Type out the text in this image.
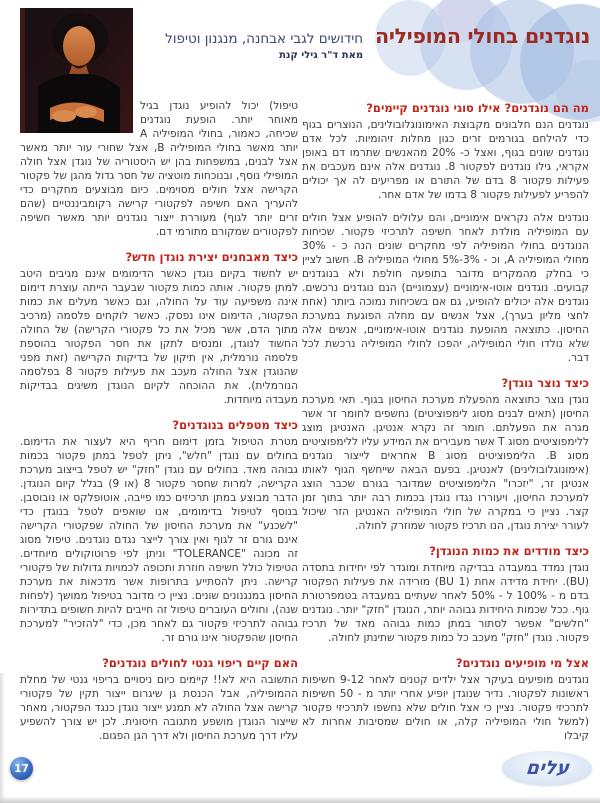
נוגדנים בחולי המופיליה
חידושים לגבי אבחנה, מנגנון וטיפול
מאת ד"ר גילי קנת
מה הם נוגדנים? אילו סוגי נוגדנים קיימים?

נוגדנים הנם חלבונים מקבוצת האימונוגלובולינים, הנוצרים בגוף כדי להילחם בגורמים זרים כגון מחלות זיהומיות. לכל אדם נוגדנים שונים בגוף, ואצל כ- 20% מהאנשים שתרמו דם באופן אקראי, גילו נוגדנים לפקטור 8. נוגדנים אלה אינם מעכבים את פעילות פקטור 8 בדם של התורם או מפריעים לה אך יכולים להפריע לפעילות פקטור 8 בדמו של אדם אחר.

נוגדנים אלה נקראים אימוניים, והם עלולים להופיע אצל חולים עם המופיליה מולדת לאחר חשיפה לתרכיזי פקטור. שכיחות הנוגדנים בחולי המופיליה לפי מחקרים שונים הנה כ - 30% מחולי המופיליה A, וכ - 3%-5% מחולי המופיליה B. חשוב לציין כי בחלק מהמקרים מדובר בתופעה חולפת ולא בנוגדנים קבועים. נוגדנים אוטו-אימוניים (עצמוניים) הנם נוגדנים נרכשים. נוגדנים אלה יכולים להופיע, גם אם בשכיחות נמוכה ביותר (אחת לחצי מליון בערך), אצל אנשים עם מחלה הפוגעת במערכת החיסון. כתוצאה מהופעת נוגדנים אוטו-אימוניים, אנשים אלה שלא נולדו חולי המופיליה, יהפכו לחולי המופיליה נרכשת לכל דבר.

כיצד נוצר נוגדן?

נוגדן נוצר כתוצאה מהפעלת מערכת החיסון בגוף. תאי מערכת החיסון (תאים לבנים מסוג לימפוציטים) נחשפים לחומר זר אשר מגרה את הפעלתם. חומר זה נקרא אנטיגן. האנטיגן מוצג ללימפוציטים מסוג T אשר מעבירים את המידע עליו ללימפוציטים מסוג B. הלימפוציטים מסוג B אחראים לייצור נוגדנים (אימונוגלובולינים) לאנטיגן. בפעם הבאה שייחשף הגוף לאותו אנטיגן זר, "יזכרו" הלימפוציטים שמדובר בגורם שכבר הוצג למערכת החיסון, ויעוררו נגדו נוגדן בכמות רבה יותר בתוך זמן קצר. נציין כי במקרה של חולי המופיליה האנטיגן הזר שיכול לעורר יצירת נוגדן, הנו תרכיז פקטור שמוזרק לחולה.

כיצד מודדים את כמות הנוגדן?

נוגדן נמדד במעבדה בבדיקה מיוחדת ומוגדר לפי יחידות בתסדה (BU). יחידת מדידה אחת (1 BU) מורידה את פעילות הפקטור בדם מ - 100% ל - 50% לאחר שעתיים במעבדה בטמפרטורת גוף. ככל שכמות היחידות גבוהה יותר, הנוגדן "חזק" יותר. נוגדנים "חלשים" אפשר לסתור במתן כמות גבוהה מאד של תרכיז פקטור. נוגדן "חזק" מעכב כל כמות פקטור שתינתן לחולה.

אצל מי מופיעים נוגדנים?

נוגדנים מופיעים בעיקר אצל ילדים קטנים לאחר 9-12 חשיפות ראשונות לפקטור. נדיר שנוגדן יופיע אחרי יותר מ - 50 חשיפות לתרכיזי פקטור. נציין כי אצל חולים שלא נחשפו לתרכיזי פקטור (למשל חולי המופיליה קלה, או חולים שמסיבות אחרות לא קיבלו

טיפול) יכול להופיע נוגדן בגיל מאוחר יותר. הופעת נוגדנים שכיחה, כאמור, בחולי המופיליה A יותר מאשר בחולי המופיליה B, אצל שחורי עור יותר מאשר אצל לבנים, במשפחות בהן יש היסטוריה של נוגדן אצל חולה המופילי נוסף, ובנוכחות מוטציה של חסר גדול מהגן של פקטור הקרישה אצל חולים מסוימים. כיום מבוצעים מחקרים כדי להעריך האם חשיפה לפקטורי קרישה רקומביננטיים (שהם זרים יותר לגוף) מעוררת ייצור נוגדנים יותר מאשר חשיפה לפקטורים שמקורם מתורמי דם.

כיצד מאבחנים יצירת נוגדן חדש?

יש לחשוד בקיום נוגדן כאשר הדימומים אינם מגיבים היטב למתן פקטור. אותה כמות פקטור שבעבר הייתה עוצרת דימום אינה משפיעה עוד על החולה, וגם כאשר מעלים את כמות הפקטור, הדימום אינו נפסק. כאשר לוקחים פלסמה (מרכיב מתוך הדם, אשר מכיל את כל פקטורי הקרישה) של החולה החשוד לנוגדן, ומנסים לתקן את חסר הפקטור בהוספת פלסמה נורמלית, אין תיקון של בדיקות הקרישה (זאת מפני שהנוגדן אצל החולה מעכב את פעילות פקטור 8 בפלסמה הנורמלית). את ההוכחה לקיום הנוגדן משיגים בבדיקות מעבדה מיוחדות.

כיצד מטפלים בנוגדנים?

מטרת הטיפול בזמן דימום חריף היא לעצור את הדימום. בחולים עם נוגדן "חלש", ניתן לטפל במתן פקטור בכמות גבוהה מאד. בחולים עם נוגדן "חזק" יש לטפל בייצוב מערכת הקרישה, למרות שחסר פקטור 8 (או 9) בגלל קיום הנוגדן. הדבר מבוצע במתן תרכיזים כמו פייבה, אוטופלקס או נובוסבן. בנוסף לטיפול בדימומים, אנו שואפים לטפל בנוגדן כדי "לשכנע" את מערכת החיסון של החולה שפקטורי הקרישה אינם גורם זר לגוף ואין צורך לייצר נגדם נוגדנים. טיפול מסוג זה מכונה "TOLERANCE" וניתן לפי פרוטוקולים מיוחדים. הטיפול כולל חשיפה חוזרת ותכופה לכמויות גדולות של פקטורי קרישה. ניתן להסתייע בתרופות אשר מדכאות את מערכת החיסון במנגנונים שונים. נציין כי מדובר בטיפול ממושך (לפחות שנה), וחולים העוברים טיפול זה חייבים להיות חשופים בתדירות גבוהה לתרכיזי פקטור גם לאחר מכן, כדי "להזכיר" למערכת החיסון שהפקטור אינו גורם זר.

האם קיים ריפוי גנטי לחולים נוגדנים?

התשובה היא לא!! קיימים כיום ניסויים בריפוי גנטי של מחלת ההמופיליה, אבל הכנסת גן שיגרום ייצור תקין של פקטורי קרישה אצל החולה לא תמנע ייצור נוגדן כנגד הפקטור, מאחר שייצור הנוגדן מושפע מתגובה חיסונית. לכן יש צורך להשפיע עליו דרך מערכת החיסון ולא דרך הגן הפגום.

17	עלים
